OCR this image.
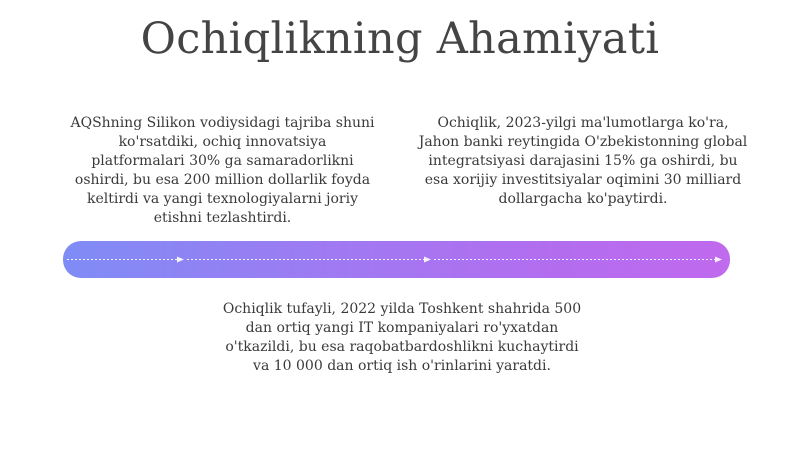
Ochiqlikning Ahamiyati

AQShning Silikon vodiysidagi tajriba shuni ko'rsatdiki, ochiq innovatsiya platformalari 30% ga samaradorlikni oshirdi, bu esa 200 million dollarlik foyda keltirdi va yangi texnologiyalarni joriy etishni tezlashtirdi.

Ochiqlik, 2023-yilgi ma'lumotlarga ko'ra, Jahon banki reytingida O'zbekistonning global integratsiyasi darajasini 15% ga oshirdi, bu esa xorijiy investitsiyalar oqimini 30 milliard dollargacha ko'paytirdi.

Ochiqlik tufayli, 2022 yilda Toshkent shahrida 500 dan ortiq yangi IT kompaniyalari ro'yxatdan o'tkazildi, bu esa raqobatbardoshlikni kuchaytirdi va 10 000 dan ortiq ish o'rinlarini yaratdi.
